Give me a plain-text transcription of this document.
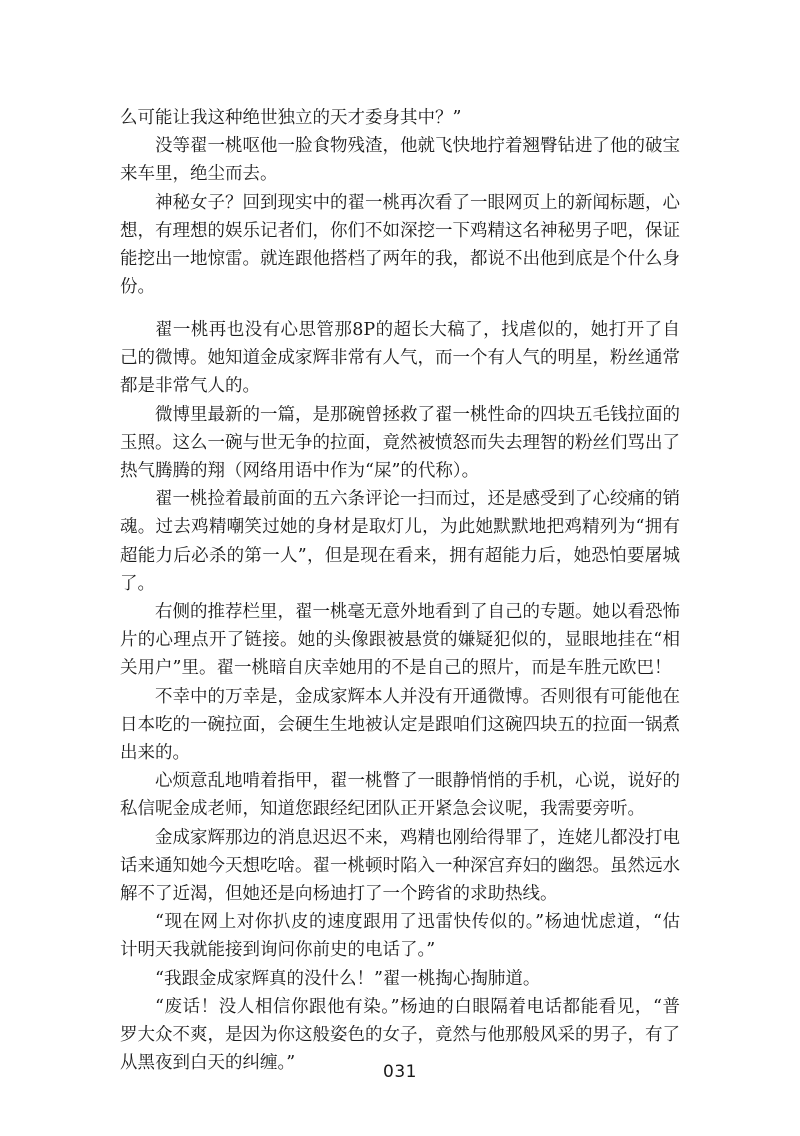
么可能让我这种绝世独立的天才委身其中？”

没等翟一桃呕他一脸食物残渣，他就飞快地拧着翘臀钻进了他的破宝来车里，绝尘而去。

神秘女子？回到现实中的翟一桃再次看了一眼网页上的新闻标题，心想，有理想的娱乐记者们，你们不如深挖一下鸡精这名神秘男子吧，保证能挖出一地惊雷。就连跟他搭档了两年的我，都说不出他到底是个什么身份。

翟一桃再也没有心思管那8P的超长大稿了，找虐似的，她打开了自己的微博。她知道金成家辉非常有人气，而一个有人气的明星，粉丝通常都是非常气人的。

微博里最新的一篇，是那碗曾拯救了翟一桃性命的四块五毛钱拉面的玉照。这么一碗与世无争的拉面，竟然被愤怒而失去理智的粉丝们骂出了热气腾腾的翔（网络用语中作为“屎”的代称）。

翟一桃捡着最前面的五六条评论一扫而过，还是感受到了心绞痛的销魂。过去鸡精嘲笑过她的身材是取灯儿，为此她默默地把鸡精列为“拥有超能力后必杀的第一人”，但是现在看来，拥有超能力后，她恐怕要屠城了。

右侧的推荐栏里，翟一桃毫无意外地看到了自己的专题。她以看恐怖片的心理点开了链接。她的头像跟被悬赏的嫌疑犯似的，显眼地挂在“相关用户”里。翟一桃暗自庆幸她用的不是自己的照片，而是车胜元欧巴！

不幸中的万幸是，金成家辉本人并没有开通微博。否则很有可能他在日本吃的一碗拉面，会硬生生地被认定是跟咱们这碗四块五的拉面一锅煮出来的。

心烦意乱地啃着指甲，翟一桃瞥了一眼静悄悄的手机，心说，说好的私信呢金成老师，知道您跟经纪团队正开紧急会议呢，我需要旁听。

金成家辉那边的消息迟迟不来，鸡精也刚给得罪了，连姥儿都没打电话来通知她今天想吃啥。翟一桃顿时陷入一种深宫弃妇的幽怨。虽然远水解不了近渴，但她还是向杨迪打了一个跨省的求助热线。

“现在网上对你扒皮的速度跟用了迅雷快传似的。”杨迪忧虑道，“估计明天我就能接到询问你前史的电话了。”

“我跟金成家辉真的没什么！”翟一桃掏心掏肺道。

“废话！没人相信你跟他有染。”杨迪的白眼隔着电话都能看见，“普罗大众不爽，是因为你这般姿色的女子，竟然与他那般风采的男子，有了从黑夜到白天的纠缠。”	031
